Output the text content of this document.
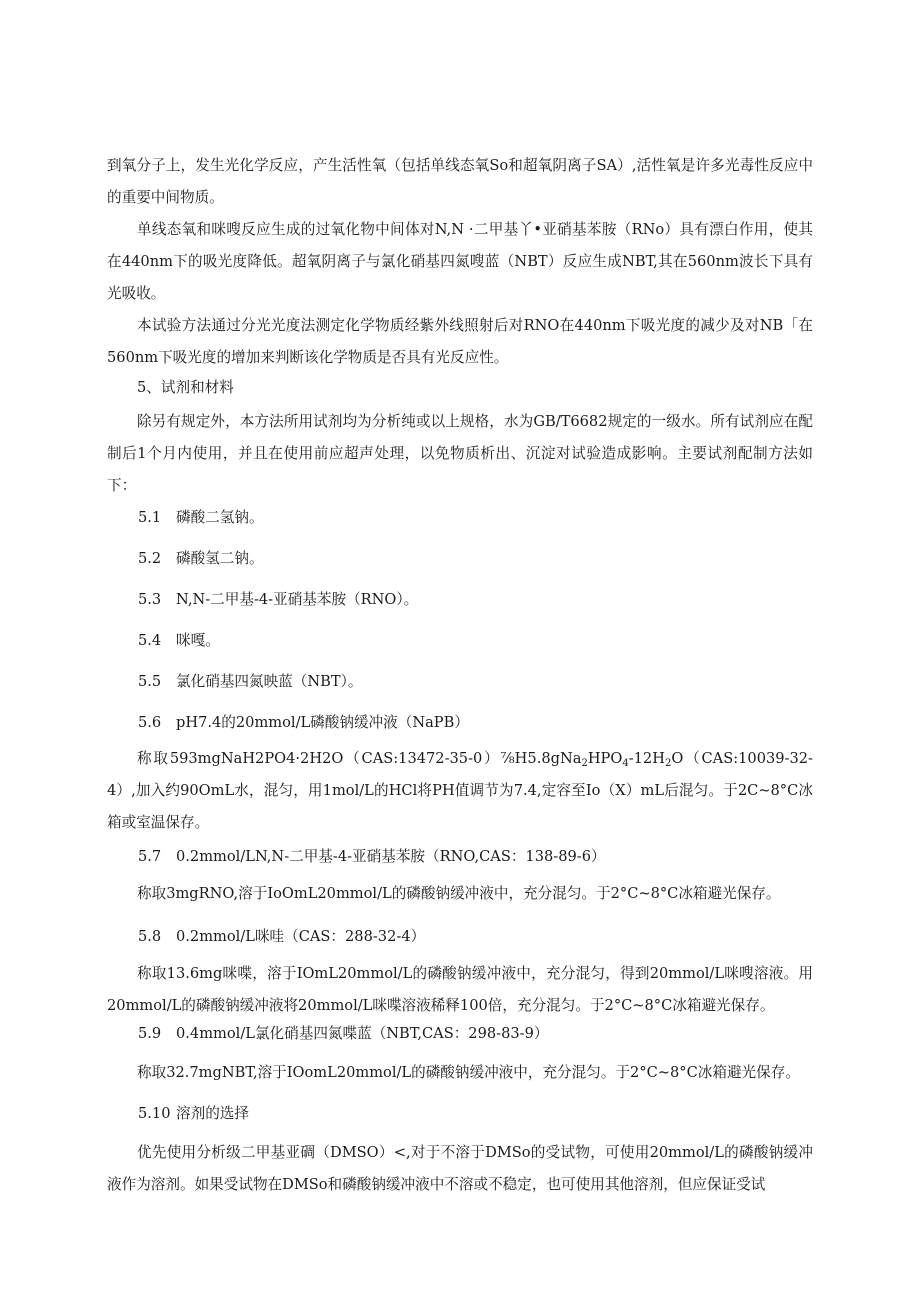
到氧分子上，发生光化学反应，产生活性氧（包括单线态氧So和超氧阴离子SA）,活性氧是许多光毒性反应中的重要中间物质。

单线态氧和咪嗖反应生成的过氧化物中间体对N,N ·二甲基丫•亚硝基苯胺（RNo）具有漂白作用，使其在440nm下的吸光度降低。超氧阴离子与氯化硝基四氮嗖蓝（NBT）反应生成NBT,其在560nm波长下具有光吸收。

本试验方法通过分光光度法测定化学物质经紫外线照射后对RNO在440nm下吸光度的减少及对NB「在560nm下吸光度的增加来判断该化学物质是否具有光反应性。

5、试剂和材料

除另有规定外，本方法所用试剂均为分析纯或以上规格，水为GB/T6682规定的一级水。所有试剂应在配制后1个月内使用，并且在使用前应超声处理，以免物质析出、沉淀对试验造成影响。主要试剂配制方法如下：

5.1 磷酸二氢钠。

5.2 磷酸氢二钠。

5.3 N,N-二甲基-4-亚硝基苯胺（RNO）。

5.4 咪嘎。

5.5 氯化硝基四氮映蓝（NBT）。

5.6 pH7.4的20mmol/L磷酸钠缓冲液（NaPB）

称取$593mgNaH2PO4\cdot 2H2O(CAS:13472-35-0)\frac{7}{8}H5.8gNa_2HPO_4-12H_2O(CAS:10039-32-4)$,加入约90OmL水，混匀，用1mol/L的HCl将PH值调节为7.4,定容至Io（X）mL后混匀。于2C~8°C冰箱或室温保存。

5.7 0.2mmol/LN,N-二甲基-4-亚硝基苯胺（RNO,CAS：138-89-6）

称取3mgRNO,溶于IoOmL20mmol/L的磷酸钠缓冲液中，充分混匀。于2°C~8°C冰箱避光保存。

5.8 0.2mmol/L咪哇（CAS：288-32-4）

称取13.6mg咪喋，溶于IOmL20mmol/L的磷酸钠缓冲液中，充分混匀，得到20mmol/L咪嗖溶液。用20mmol/L的磷酸钠缓冲液将20mmol/L咪喋溶液稀释100倍，充分混匀。于2°C~8°C冰箱避光保存。

5.9 0.4mmol/L氯化硝基四氮喋蓝（NBT,CAS：298-83-9）

称取32.7mgNBT,溶于IOomL20mmol/L的磷酸钠缓冲液中，充分混匀。于2°C~8°C冰箱避光保存。

5.10 溶剂的选择

优先使用分析级二甲基亚碉（DMSO）<,对于不溶于DMSo的受试物，可使用20mmol/L的磷酸钠缓冲液作为溶剂。如果受试物在DMSo和磷酸钠缓冲液中不溶或不稳定，也可使用其他溶剂，但应保证受试
